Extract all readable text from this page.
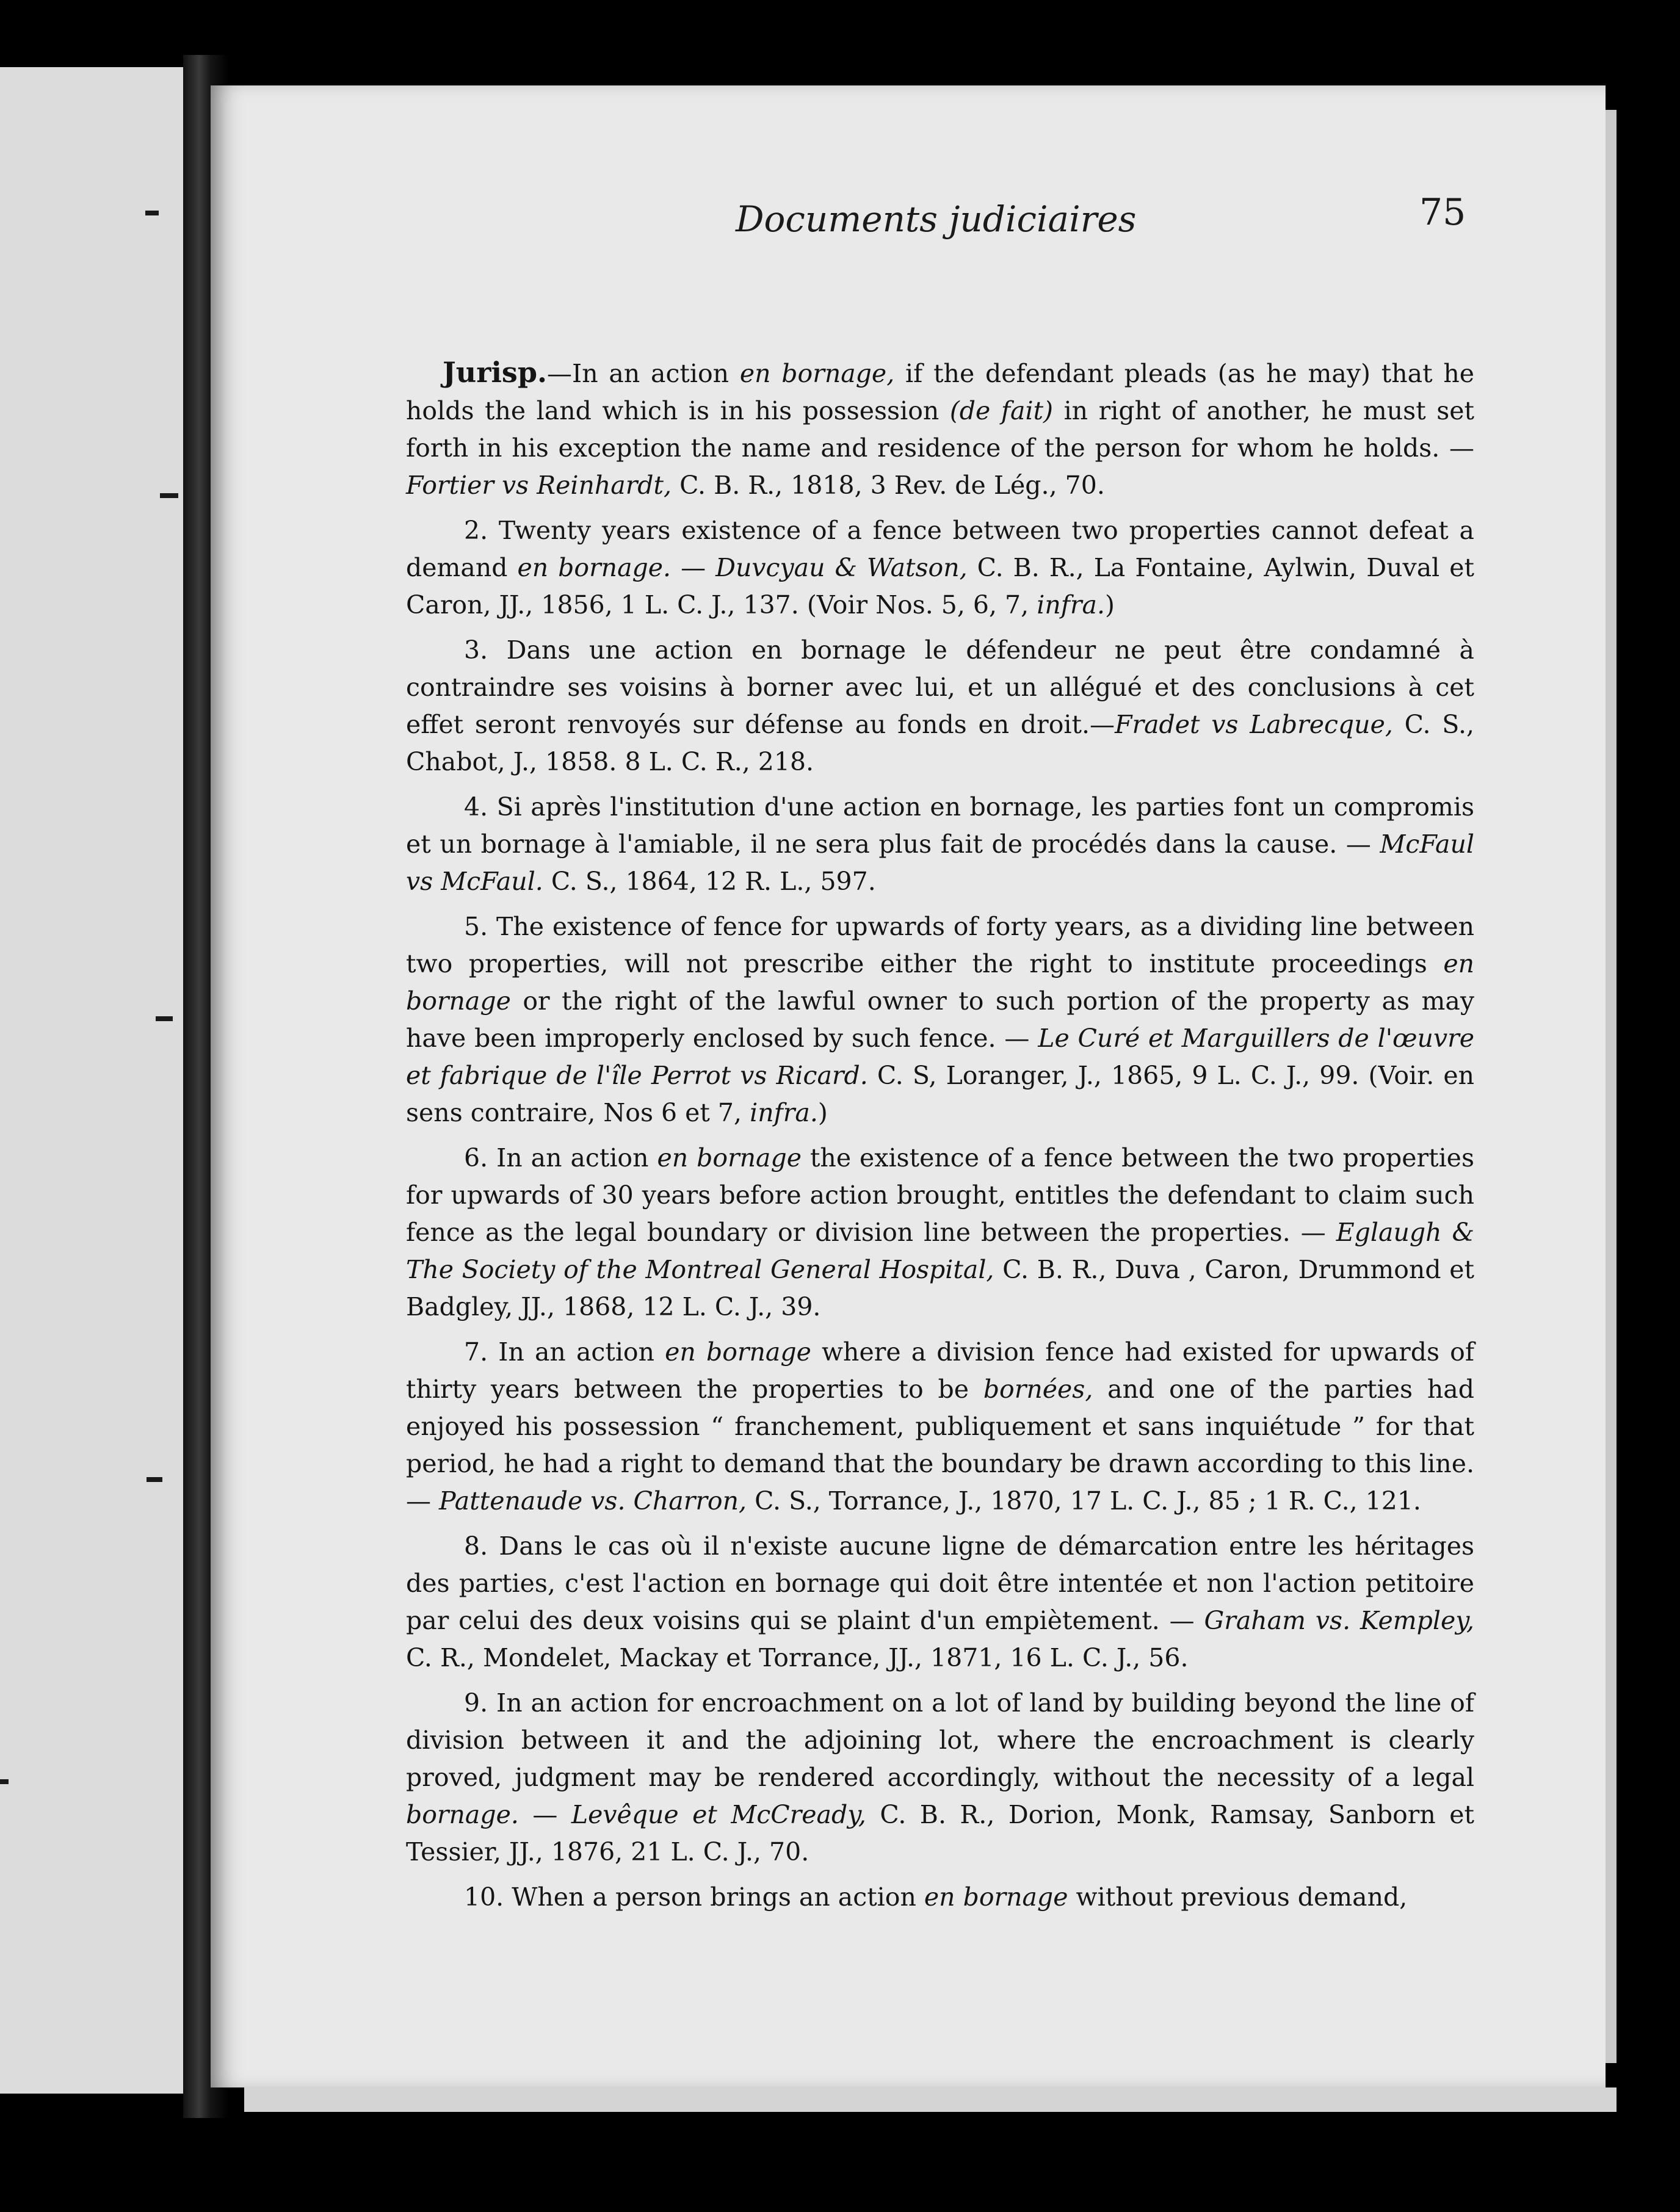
Documents judiciaires	75

Jurisp.—In an action en bornage, if the defendant pleads (as he may) that he holds the land which is in his possession (de fait) in right of another, he must set forth in his exception the name and residence of the person for whom he holds. — Fortier vs Reinhardt, C. B. R., 1818, 3 Rev. de Lég., 70.

2. Twenty years existence of a fence between two properties cannot defeat a demand en bornage. — Duvcyau & Watson, C. B. R., La Fontaine, Aylwin, Duval et Caron, JJ., 1856, 1 L. C. J., 137. (Voir Nos. 5, 6, 7, infra.)

3. Dans une action en bornage le défendeur ne peut être condamné à contraindre ses voisins à borner avec lui, et un allégué et des conclusions à cet effet seront renvoyés sur défense au fonds en droit.—Fradet vs Labrecque, C. S., Chabot, J., 1858. 8 L. C. R., 218.

4. Si après l'institution d'une action en bornage, les parties font un compromis et un bornage à l'amiable, il ne sera plus fait de procédés dans la cause. — McFaul vs McFaul. C. S., 1864, 12 R. L., 597.

5. The existence of fence for upwards of forty years, as a dividing line between two properties, will not prescribe either the right to institute proceedings en bornage or the right of the lawful owner to such portion of the property as may have been improperly enclosed by such fence. — Le Curé et Marguillers de l'œuvre et fabrique de l'île Perrot vs Ricard. C. S, Loranger, J., 1865, 9 L. C. J., 99. (Voir. en sens contraire, Nos 6 et 7, infra.)

6. In an action en bornage the existence of a fence between the two properties for upwards of 30 years before action brought, entitles the defendant to claim such fence as the legal boundary or division line between the properties. — Eglaugh & The Society of the Montreal General Hospital, C. B. R., Duva , Caron, Drummond et Badgley, JJ., 1868, 12 L. C. J., 39.

7. In an action en bornage where a division fence had existed for upwards of thirty years between the properties to be bornées, and one of the parties had enjoyed his possession “ franchement, publiquement et sans inquiétude ” for that period, he had a right to demand that the boundary be drawn according to this line.— Pattenaude vs. Charron, C. S., Torrance, J., 1870, 17 L. C. J., 85 ; 1 R. C., 121.

8. Dans le cas où il n'existe aucune ligne de démarcation entre les héritages des parties, c'est l'action en bornage qui doit être intentée et non l'action petitoire par celui des deux voisins qui se plaint d'un empiètement. — Graham vs. Kempley, C. R., Mondelet, Mackay et Torrance, JJ., 1871, 16 L. C. J., 56.

9. In an action for encroachment on a lot of land by building beyond the line of division between it and the adjoining lot, where the encroachment is clearly proved, judgment may be rendered accordingly, without the necessity of a legal bornage. — Levêque et McCready, C. B. R., Dorion, Monk, Ramsay, Sanborn et Tessier, JJ., 1876, 21 L. C. J., 70.

10. When a person brings an action en bornage without previous demand,
